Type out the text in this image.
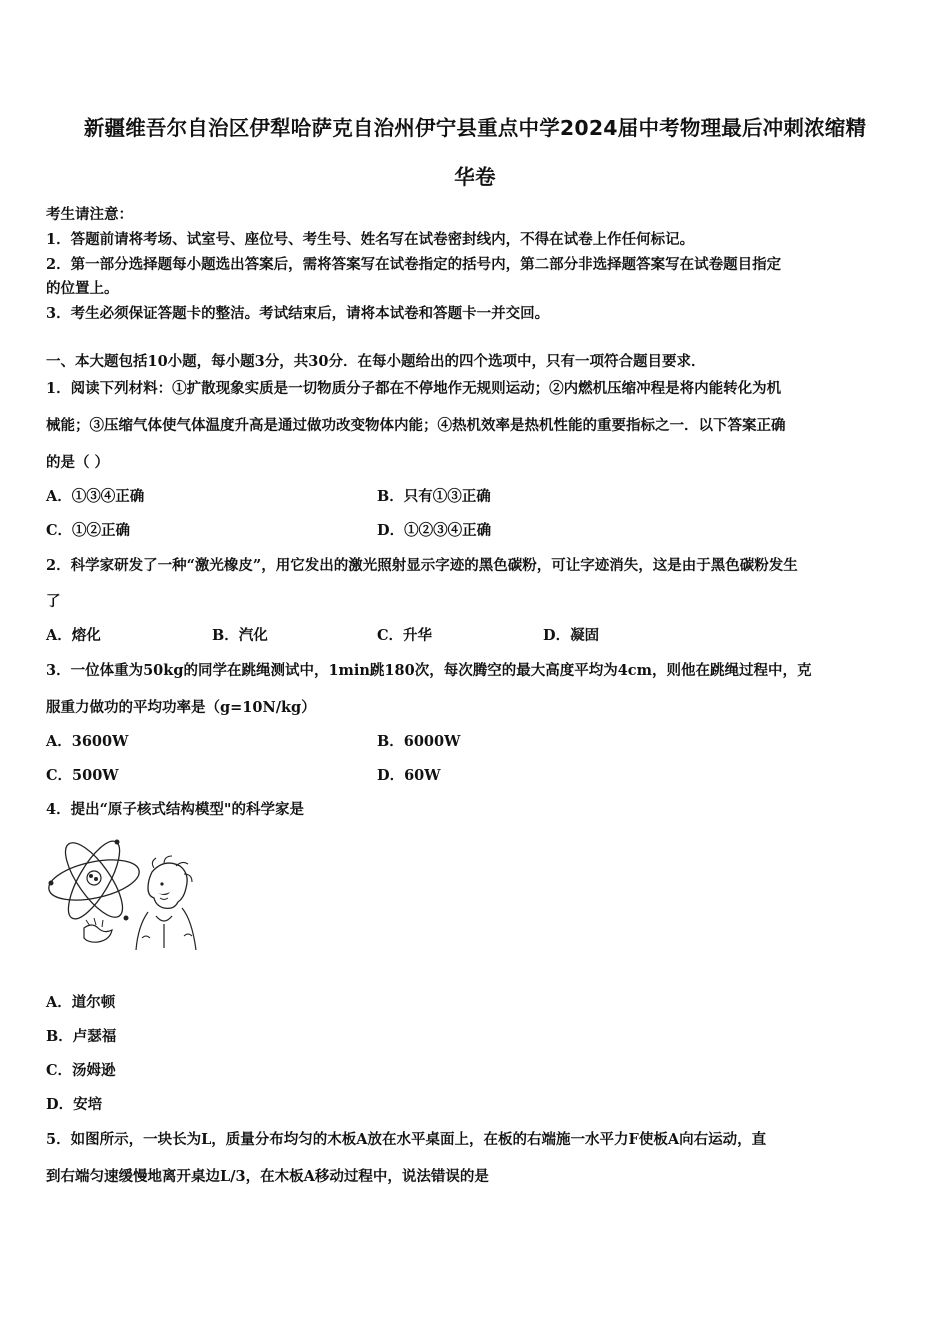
新疆维吾尔自治区伊犁哈萨克自治州伊宁县重点中学2024届中考物理最后冲刺浓缩精
华卷
考生请注意：
1．答题前请将考场、试室号、座位号、考生号、姓名写在试卷密封线内，不得在试卷上作任何标记。
2．第一部分选择题每小题选出答案后，需将答案写在试卷指定的括号内，第二部分非选择题答案写在试卷题目指定
的位置上。
3．考生必须保证答题卡的整洁。考试结束后，请将本试卷和答题卡一并交回。
一、本大题包括10小题，每小题3分，共30分．在每小题给出的四个选项中，只有一项符合题目要求．
1．阅读下列材料：①扩散现象实质是一切物质分子都在不停地作无规则运动；②内燃机压缩冲程是将内能转化为机
械能；③压缩气体使气体温度升高是通过做功改变物体内能；④热机效率是热机性能的重要指标之一．以下答案正确
的是（ ）
A．①③④正确	B．只有①③正确
C．①②正确	D．①②③④正确
2．科学家研发了一种“激光橡皮”，用它发出的激光照射显示字迹的黑色碳粉，可让字迹消失，这是由于黑色碳粉发生
了
A．熔化	B．汽化	C．升华	D．凝固
3．一位体重为50kg的同学在跳绳测试中，1min跳180次，每次腾空的最大高度平均为4cm，则他在跳绳过程中，克
服重力做功的平均功率是（g=10N/kg）
A．3600W	B．6000W
C．500W	D．60W
4．提出“原子核式结构模型"的科学家是
A．道尔顿
B．卢瑟福
C．汤姆逊
D．安培
5．如图所示，一块长为L，质量分布均匀的木板A放在水平桌面上，在板的右端施一水平力F使板A向右运动，直
到右端匀速缓慢地离开桌边L/3，在木板A移动过程中，说法错误的是
